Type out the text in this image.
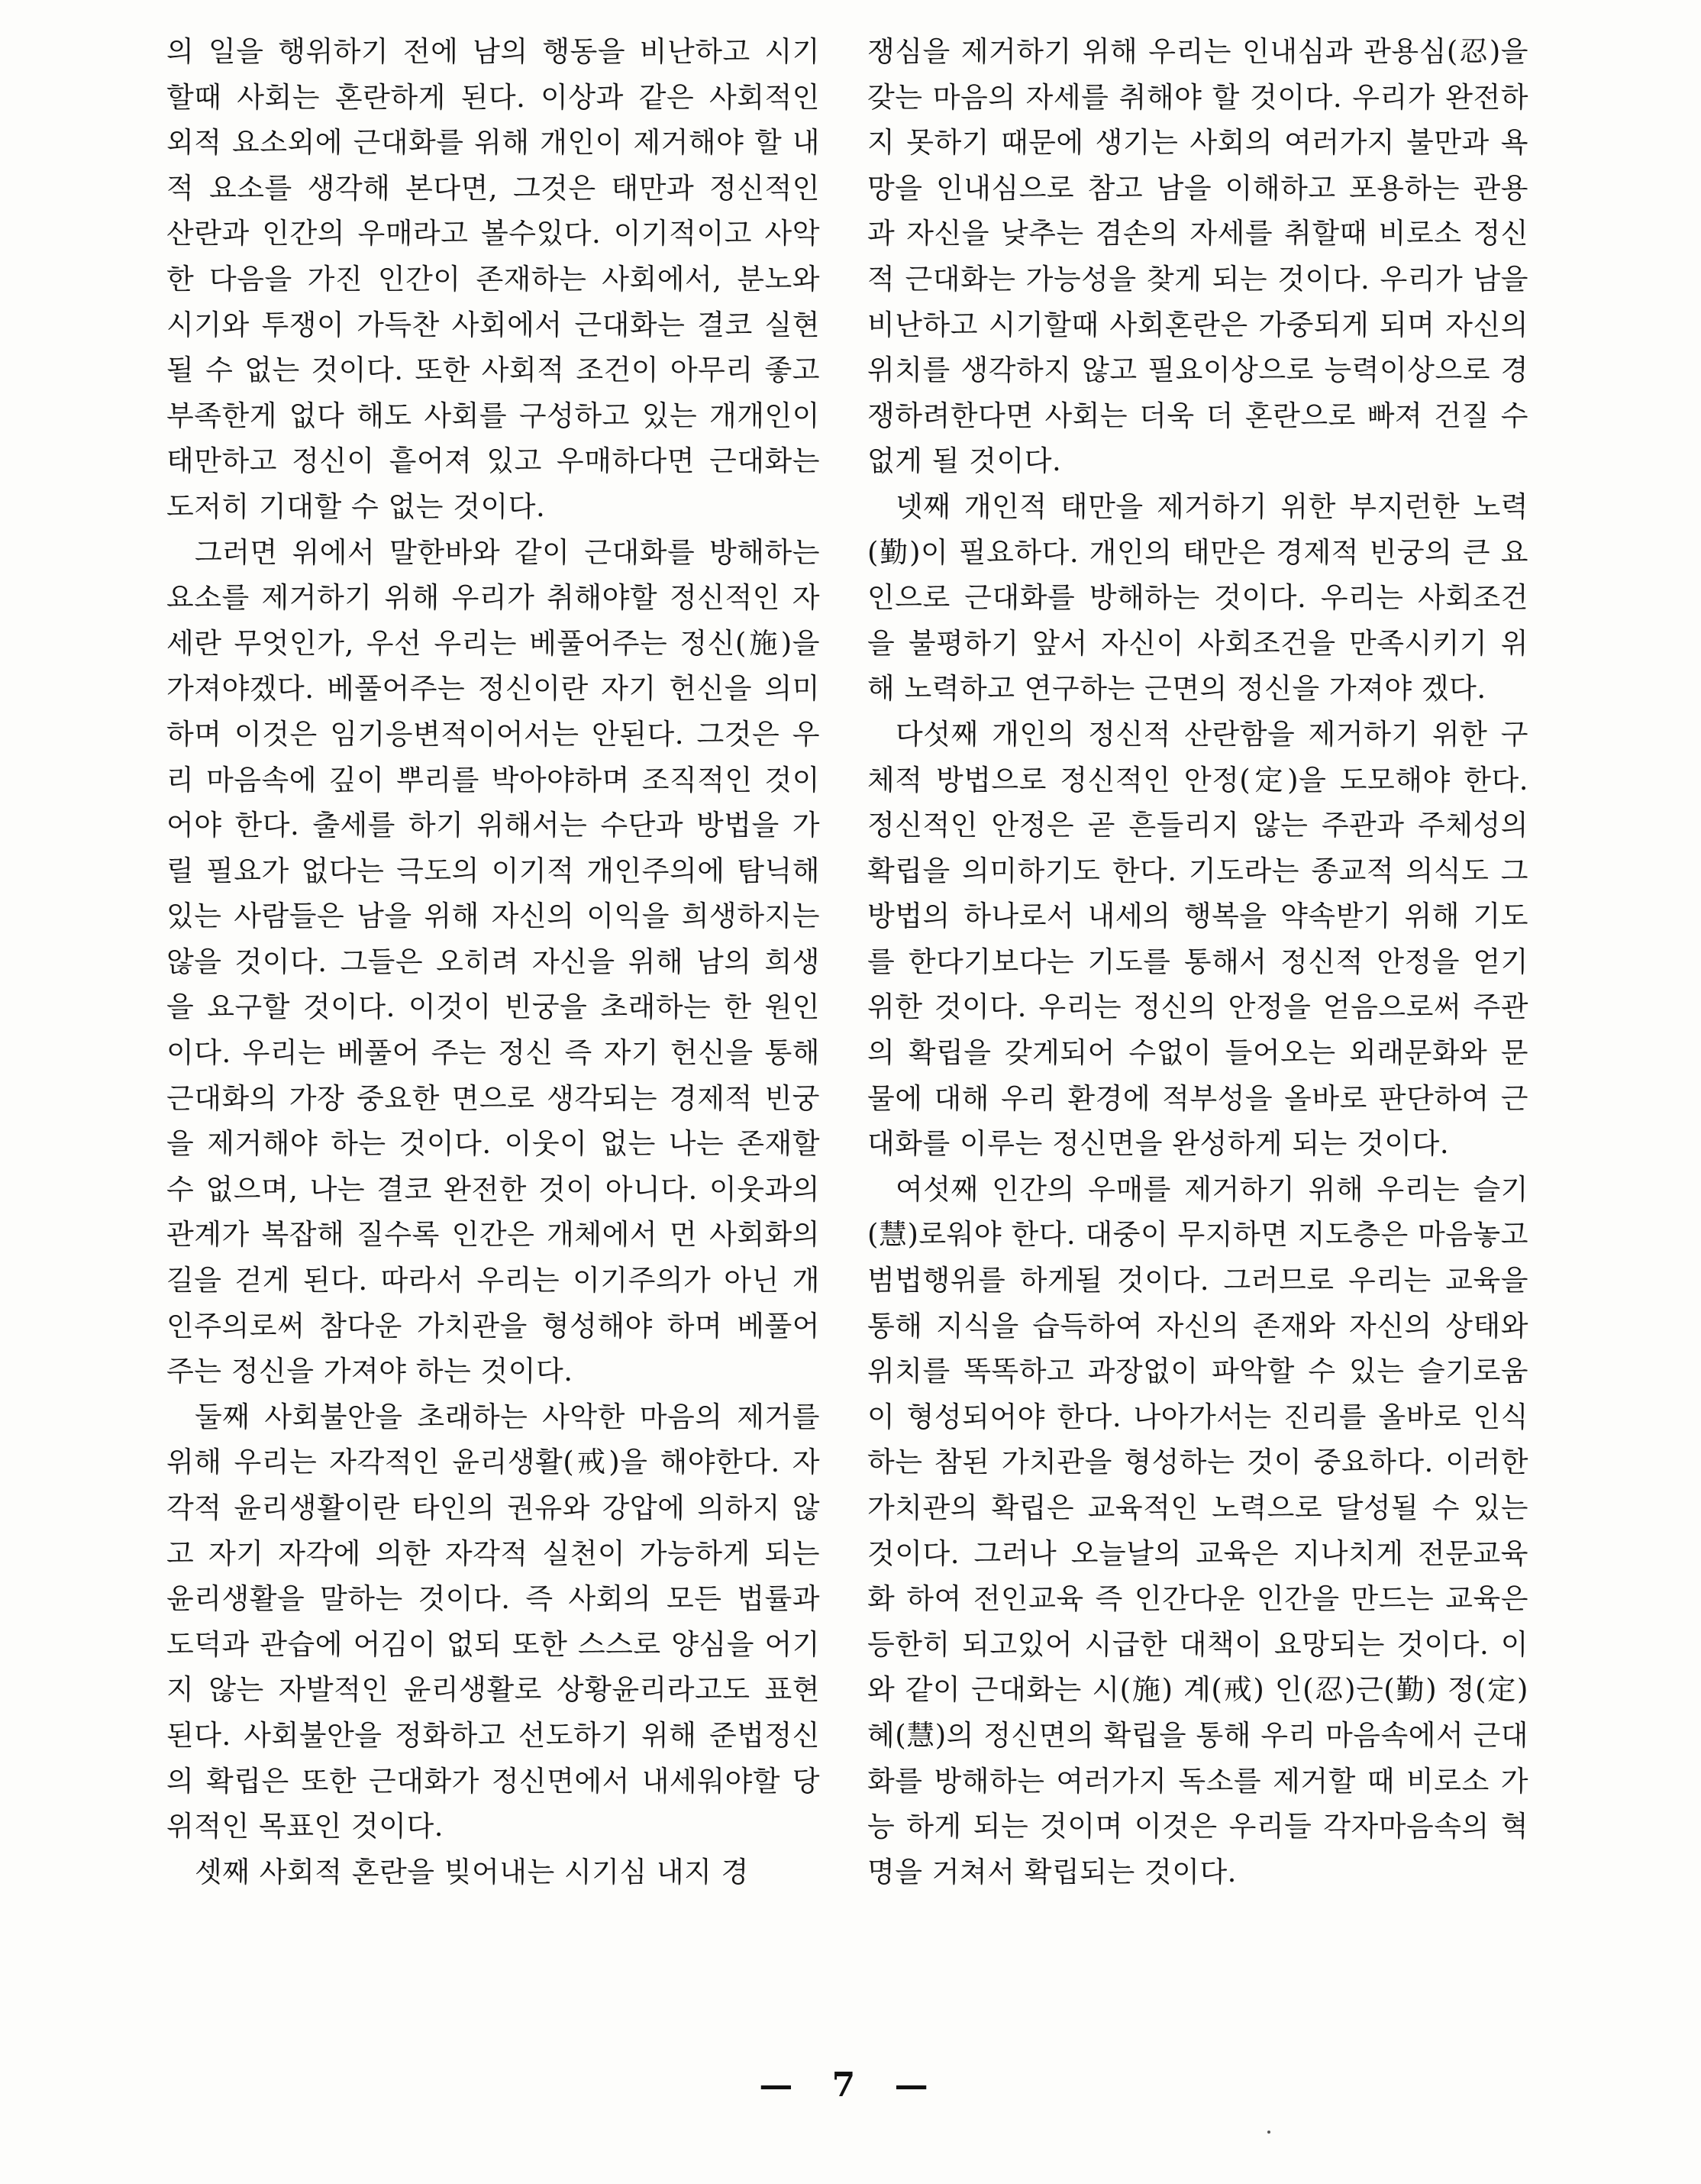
의 일을 행위하기 전에 남의 행동을 비난하고 시기 할때 사회는 혼란하게 된다. 이상과 같은 사회적인 외적 요소외에 근대화를 위해 개인이 제거해야 할 내적 요소를 생각해 본다면, 그것은 태만과 정신적인 산란과 인간의 우매라고 볼수있다. 이기적이고 사악한 다음을 가진 인간이 존재하는 사회에서, 분노와 시기와 투쟁이 가득찬 사회에서 근대화는 결코 실현될 수 없는 것이다. 또한 사회적 조건이 아무리 좋고 부족한게 없다 해도 사회를 구성하고 있는 개개인이 태만하고 정신이 흩어져 있고 우매하다면 근대화는 도저히 기대할 수 없는 것이다.

그러면 위에서 말한바와 같이 근대화를 방해하는 요소를 제거하기 위해 우리가 취해야할 정신적인 자세란 무엇인가, 우선 우리는 베풀어주는 정신(施)을 가져야겠다. 베풀어주는 정신이란 자기 헌신을 의미하며 이것은 임기응변적이어서는 안된다. 그것은 우리 마음속에 깊이 뿌리를 박아야하며 조직적인 것이어야 한다. 출세를 하기 위해서는 수단과 방법을 가릴 필요가 없다는 극도의 이기적 개인주의에 탐닉해 있는 사람들은 남을 위해 자신의 이익을 희생하지는 않을 것이다. 그들은 오히려 자신을 위해 남의 희생을 요구할 것이다. 이것이 빈궁을 초래하는 한 원인이다. 우리는 베풀어 주는 정신 즉 자기 헌신을 통해 근대화의 가장 중요한 면으로 생각되는 경제적 빈궁을 제거해야 하는 것이다. 이웃이 없는 나는 존재할 수 없으며, 나는 결코 완전한 것이 아니다. 이웃과의 관계가 복잡해 질수록 인간은 개체에서 먼 사회화의 길을 걷게 된다. 따라서 우리는 이기주의가 아닌 개인주의로써 참다운 가치관을 형성해야 하며 베풀어 주는 정신을 가져야 하는 것이다.

둘째 사회불안을 초래하는 사악한 마음의 제거를 위해 우리는 자각적인 윤리생활(戒)을 해야한다. 자각적 윤리생활이란 타인의 권유와 강압에 의하지 않고 자기 자각에 의한 자각적 실천이 가능하게 되는 윤리생활을 말하는 것이다. 즉 사회의 모든 법률과 도덕과 관습에 어김이 없되 또한 스스로 양심을 어기지 않는 자발적인 윤리생활로 상황윤리라고도 표현된다. 사회불안을 정화하고 선도하기 위해 준법정신의 확립은 또한 근대화가 정신면에서 내세워야할 당위적인 목표인 것이다.

셋째 사회적 혼란을 빚어내는 시기심 내지 경

쟁심을 제거하기 위해 우리는 인내심과 관용심(忍)을 갖는 마음의 자세를 취해야 할 것이다. 우리가 완전하지 못하기 때문에 생기는 사회의 여러가지 불만과 욕망을 인내심으로 참고 남을 이해하고 포용하는 관용과 자신을 낮추는 겸손의 자세를 취할때 비로소 정신적 근대화는 가능성을 찾게 되는 것이다. 우리가 남을 비난하고 시기할때 사회혼란은 가중되게 되며 자신의 위치를 생각하지 않고 필요이상으로 능력이상으로 경쟁하려한다면 사회는 더욱 더 혼란으로 빠져 건질 수 없게 될 것이다.

넷째 개인적 태만을 제거하기 위한 부지런한 노력(勤)이 필요하다. 개인의 태만은 경제적 빈궁의 큰 요인으로 근대화를 방해하는 것이다. 우리는 사회조건을 불평하기 앞서 자신이 사회조건을 만족시키기 위해 노력하고 연구하는 근면의 정신을 가져야 겠다.

다섯째 개인의 정신적 산란함을 제거하기 위한 구체적 방법으로 정신적인 안정(定)을 도모해야 한다. 정신적인 안정은 곧 흔들리지 않는 주관과 주체성의 확립을 의미하기도 한다. 기도라는 종교적 의식도 그 방법의 하나로서 내세의 행복을 약속받기 위해 기도를 한다기보다는 기도를 통해서 정신적 안정을 얻기 위한 것이다. 우리는 정신의 안정을 얻음으로써 주관의 확립을 갖게되어 수없이 들어오는 외래문화와 문물에 대해 우리 환경에 적부성을 올바로 판단하여 근대화를 이루는 정신면을 완성하게 되는 것이다.

여섯째 인간의 우매를 제거하기 위해 우리는 슬기(慧)로워야 한다. 대중이 무지하면 지도층은 마음놓고 범법행위를 하게될 것이다. 그러므로 우리는 교육을 통해 지식을 습득하여 자신의 존재와 자신의 상태와 위치를 똑똑하고 과장없이 파악할 수 있는 슬기로움이 형성되어야 한다. 나아가서는 진리를 올바로 인식하는 참된 가치관을 형성하는 것이 중요하다. 이러한 가치관의 확립은 교육적인 노력으로 달성될 수 있는 것이다. 그러나 오늘날의 교육은 지나치게 전문교육화 하여 전인교육 즉 인간다운 인간을 만드는 교육은 등한히 되고있어 시급한 대책이 요망되는 것이다. 이와 같이 근대화는 시(施) 계(戒) 인(忍)근(勤) 정(定) 혜(慧)의 정신면의 확립을 통해 우리 마음속에서 근대화를 방해하는 여러가지 독소를 제거할 때 비로소 가능 하게 되는 것이며 이것은 우리들 각자마음속의 혁명을 거쳐서 확립되는 것이다.

— 7 —
